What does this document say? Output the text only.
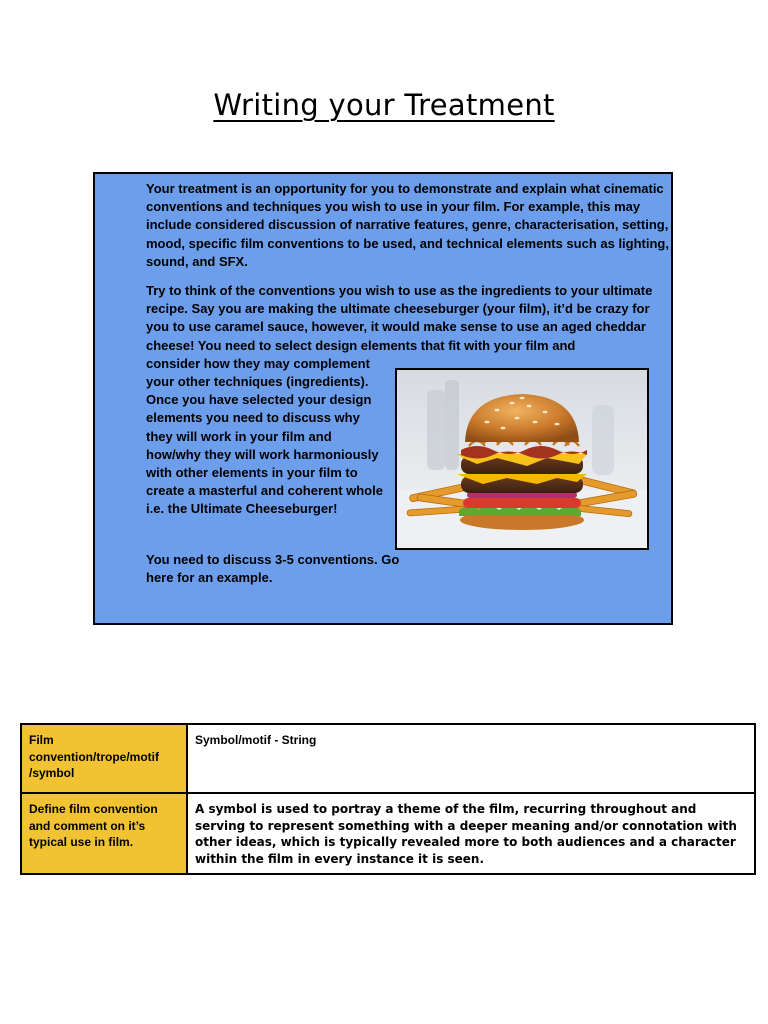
Writing your Treatment

Your treatment is an opportunity for you to demonstrate and explain what cinematic conventions and techniques you wish to use in your film. For example, this may include considered discussion of narrative features, genre, characterisation, setting, mood, specific film conventions to be used, and technical elements such as lighting, sound, and SFX.

Try to think of the conventions you wish to use as the ingredients to your ultimate recipe. Say you are making the ultimate cheeseburger (your film), it’d be crazy for you to use caramel sauce, however, it would make sense to use an aged cheddar cheese! You need to select design elements that fit with your film and

consider how they may complement your other techniques (ingredients). Once you have selected your design elements you need to discuss why they will work in your film and how/why they will work harmoniously with other elements in your film to create a masterful and coherent whole i.e. the Ultimate Cheeseburger!

You need to discuss 3-5 conventions. Go here for an example.

Film convention/trope/motif /symbol	Symbol/motif - String
Define film convention and comment on it’s typical use in film.	A symbol is used to portray a theme of the film, recurring throughout and serving to represent something with a deeper meaning and/or connotation with other ideas, which is typically revealed more to both audiences and a character within the film in every instance it is seen.
